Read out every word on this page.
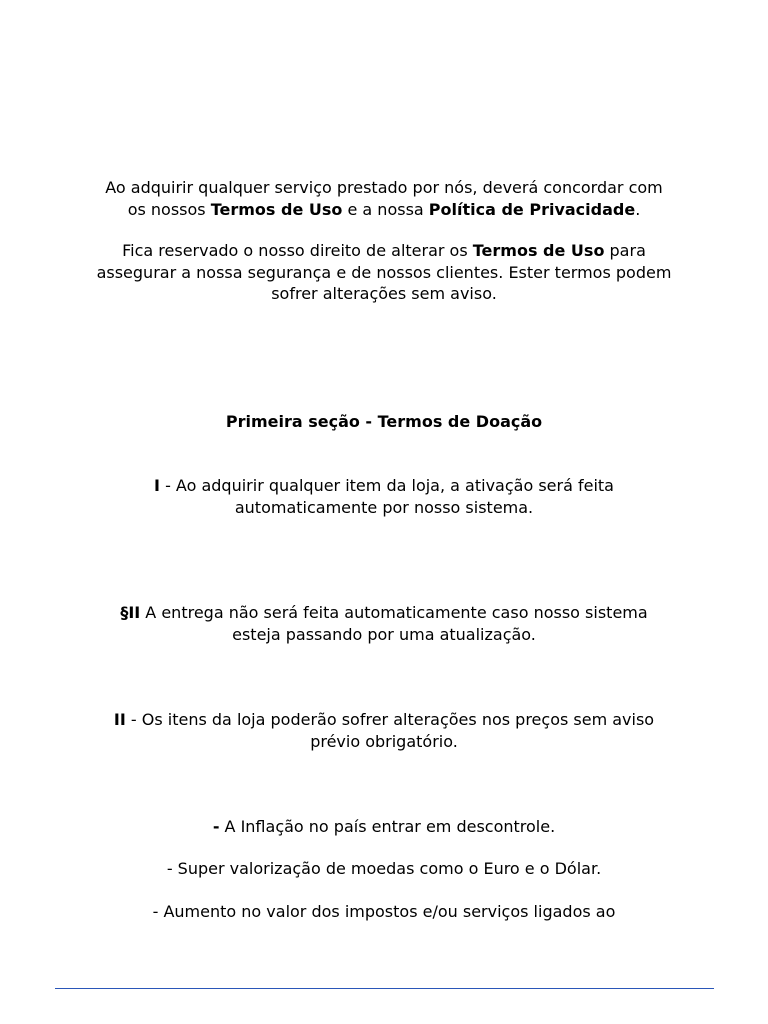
Ao adquirir qualquer serviço prestado por nós, deverá concordar com
os nossos Termos de Uso e a nossa Política de Privacidade.

Fica reservado o nosso direito de alterar os Termos de Uso para
assegurar a nossa segurança e de nossos clientes. Ester termos podem
sofrer alterações sem aviso.

Primeira seção - Termos de Doação

I - Ao adquirir qualquer item da loja, a ativação será feita
automaticamente por nosso sistema.

§II A entrega não será feita automaticamente caso nosso sistema
esteja passando por uma atualização.

II - Os itens da loja poderão sofrer alterações nos preços sem aviso
prévio obrigatório.

- A Inflação no país entrar em descontrole.

- Super valorização de moedas como o Euro e o Dólar.

- Aumento no valor dos impostos e/ou serviços ligados ao
